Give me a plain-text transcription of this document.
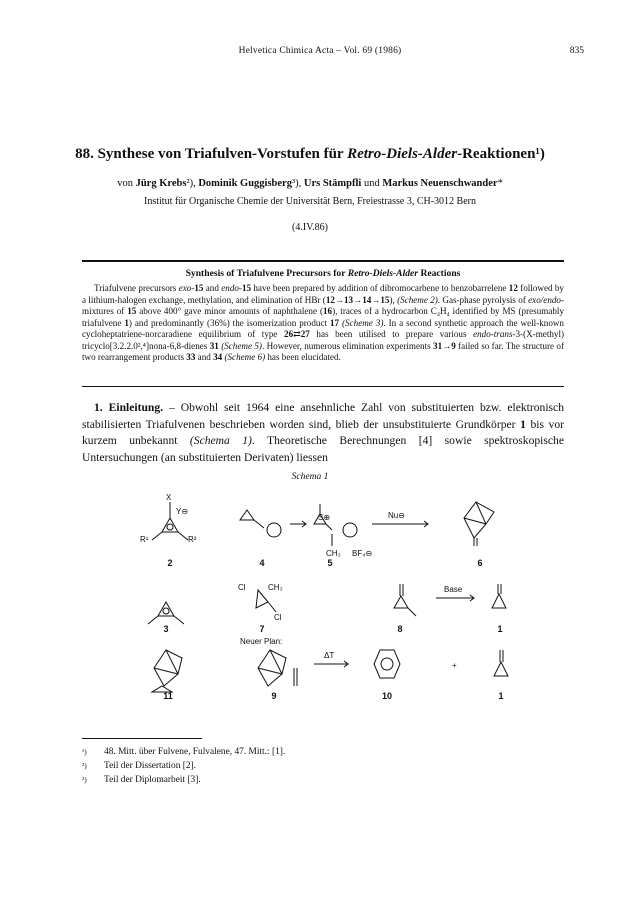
Helvetica Chimica Acta – Vol. 69 (1986)	835
88. Synthese von Triafulven-Vorstufen für Retro-Diels-Alder-Reaktionen¹)
von Jürg Krebs²), Dominik Guggisberg³), Urs Stämpfli und Markus Neuenschwander*
Institut für Organische Chemie der Universität Bern, Freiestrasse 3, CH-3012 Bern
(4.IV.86)
Synthesis of Triafulvene Precursors for Retro-Diels-Alder Reactions
Triafulvene precursors exo-15 and endo-15 have been prepared by addition of dibromocarbene to benzobarrelene 12 followed by a lithium-halogen exchange, methylation, and elimination of HBr (12→13→14→15), (Scheme 2). Gas-phase pyrolysis of exo/endo-mixtures of 15 above 400° gave minor amounts of naphthalene (16), traces of a hydrocarbon C₄H₄ identified by MS (presumably triafulvene 1) and predominantly (36%) the isomerization product 17 (Scheme 3). In a second synthetic approach the well-known cycloheptatriene-norcaradiene equilibrium of type 26⇄27 has been utilised to prepare various endo-trans-3-(X-methyl) tricyclo[3.2.2.0²,⁴]nona-6,8-dienes 31 (Scheme 5). However, numerous elimination experiments 31→9 failed so far. The structure of two rearrangement products 33 and 34 (Scheme 6) has been elucidated.
1. Einleitung. – Obwohl seit 1964 eine ansehnliche Zahl von substituierten bzw. elektronisch stabilisierten Triafulvenen beschrieben worden sind, blieb der unsubstituierte Grundkörper 1 bis vor kurzem unbekannt (Schema 1). Theoretische Berechnungen [4] sowie spektroskopische Untersuchungen (an substituierten Derivaten) liessen
Schema 1
X
Y⊖
R¹	R²
S⊕
CH₃ BF₄⊖
Nu⊖
Cl	CH₃
Cl
Base
ΔT
Neuer Plan:
+
2	4	5	6
3	7	8	1
11	9	10	1
¹)	48. Mitt. über Fulvene, Fulvalene, 47. Mitt.: [1].
²)	Teil der Dissertation [2].
³)	Teil der Diplomarbeit [3].
